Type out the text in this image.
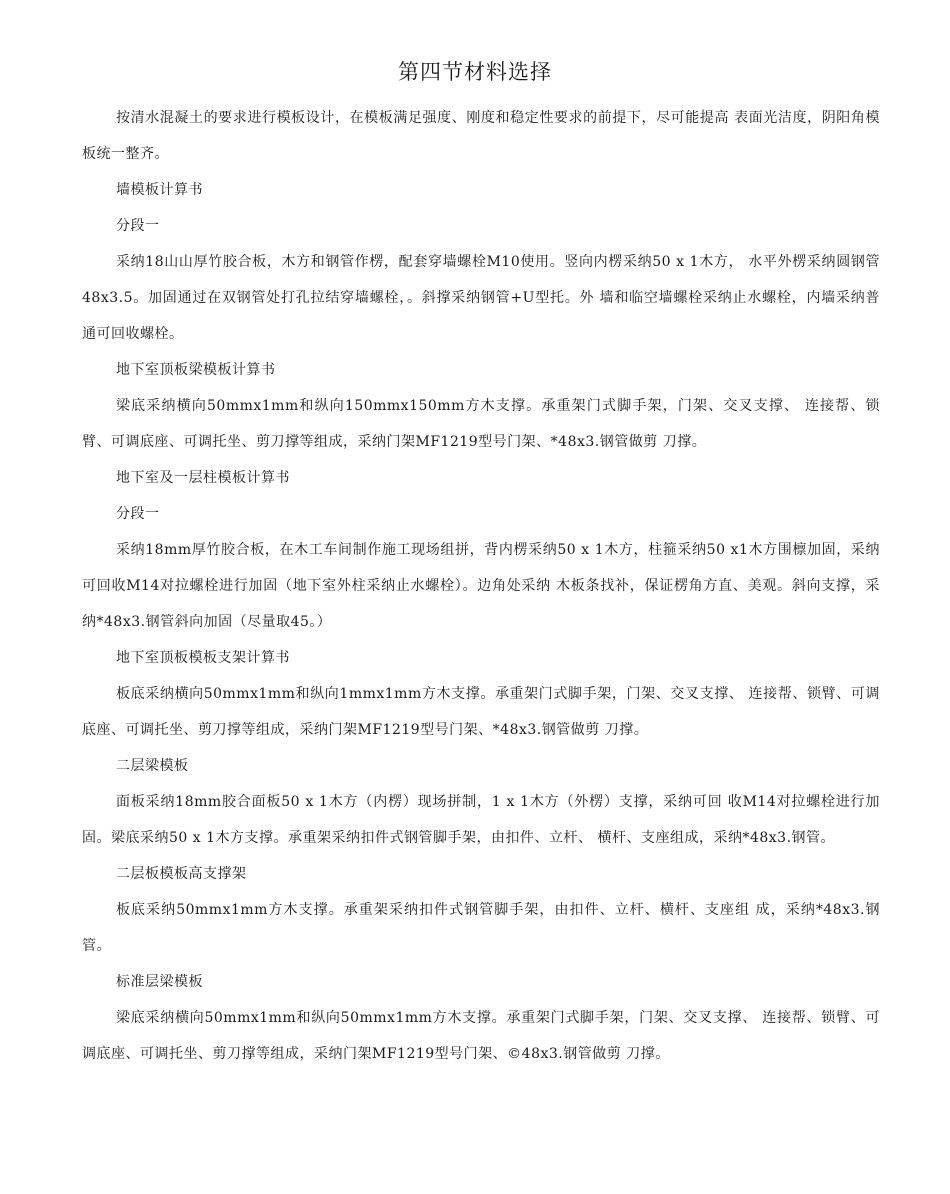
第四节材料选择

按清水混凝土的要求进行模板设计，在模板满足强度、刚度和稳定性要求的前提下，尽可能提高 表面光洁度，阴阳角模板统一整齐。

墙模板计算书

分段一

采纳18山山厚竹胶合板，木方和钢管作楞，配套穿墙螺栓M10使用。竖向内楞采纳50 x 1木方， 水平外楞采纳圆钢管48x3.5。加固通过在双钢管处打孔拉结穿墙螺栓，。斜撑采纳钢管+U型托。外 墙和临空墙螺栓采纳止水螺栓，内墙采纳普通可回收螺栓。

地下室顶板梁模板计算书

梁底采纳横向50mmx1mm和纵向150mmx150mm方木支撑。承重架门式脚手架，门架、交叉支撑、 连接帮、锁臂、可调底座、可调托坐、剪刀撑等组成，采纳门架MF1219型号门架、*48x3.钢管做剪 刀撑。

地下室及一层柱模板计算书

分段一

采纳18mm厚竹胶合板，在木工车间制作施工现场组拼，背内楞采纳50 x 1木方，柱箍采纳50 x1木方围檩加固，采纳可回收M14对拉螺栓进行加固（地下室外柱采纳止水螺栓）。边角处采纳 木板条找补，保证楞角方直、美观。斜向支撑，采纳*48x3.钢管斜向加固（尽量取45。）

地下室顶板模板支架计算书

板底采纳横向50mmx1mm和纵向1mmx1mm方木支撑。承重架门式脚手架，门架、交叉支撑、 连接帮、锁臂、可调底座、可调托坐、剪刀撑等组成，采纳门架MF1219型号门架、*48x3.钢管做剪 刀撑。

二层梁模板

面板采纳18mm胶合面板50 x 1木方（内楞）现场拼制，1 x 1木方（外楞）支撑，采纳可回 收M14对拉螺栓进行加固。梁底采纳50 x 1木方支撑。承重架采纳扣件式钢管脚手架，由扣件、立杆、 横杆、支座组成，采纳*48x3.钢管。

二层板模板高支撑架

板底采纳50mmx1mm方木支撑。承重架采纳扣件式钢管脚手架，由扣件、立杆、横杆、支座组 成，采纳*48x3.钢管。

标准层梁模板

梁底采纳横向50mmx1mm和纵向50mmx1mm方木支撑。承重架门式脚手架，门架、交叉支撑、 连接帮、锁臂、可调底座、可调托坐、剪刀撑等组成，采纳门架MF1219型号门架、©48x3.钢管做剪 刀撑。
